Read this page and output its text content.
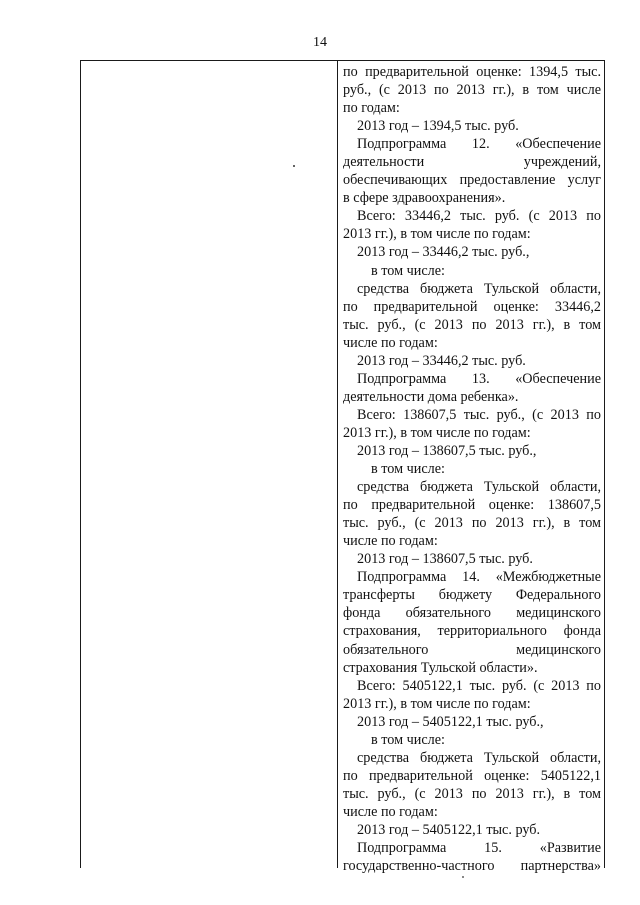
14
по предварительной оценке: 1394,5 тыс.
руб., (с 2013 по 2013 гг.), в том числе
по годам:
2013 год – 1394,5 тыс. руб.
Подпрограмма 12. «Обеспечение
деятельности учреждений,
обеспечивающих предоставление услуг
в сфере здравоохранения».
Всего: 33446,2 тыс. руб. (с 2013 по
2013 гг.), в том числе по годам:
2013 год – 33446,2 тыс. руб.,
в том числе:
средства бюджета Тульской области,
по предварительной оценке: 33446,2
тыс. руб., (с 2013 по 2013 гг.), в том
числе по годам:
2013 год – 33446,2 тыс. руб.
Подпрограмма 13. «Обеспечение
деятельности дома ребенка».
Всего: 138607,5 тыс. руб., (с 2013 по
2013 гг.), в том числе по годам:
2013 год – 138607,5 тыс. руб.,
в том числе:
средства бюджета Тульской области,
по предварительной оценке: 138607,5
тыс. руб., (с 2013 по 2013 гг.), в том
числе по годам:
2013 год – 138607,5 тыс. руб.
Подпрограмма 14. «Межбюджетные
трансферты бюджету Федерального
фонда обязательного медицинского
страхования, территориального фонда
обязательного медицинского
страхования Тульской области».
Всего: 5405122,1 тыс. руб. (с 2013 по
2013 гг.), в том числе по годам:
2013 год – 5405122,1 тыс. руб.,
в том числе:
средства бюджета Тульской области,
по предварительной оценке: 5405122,1
тыс. руб., (с 2013 по 2013 гг.), в том
числе по годам:
2013 год – 5405122,1 тыс. руб.
Подпрограмма 15. «Развитие
государственно-частного партнерства»
